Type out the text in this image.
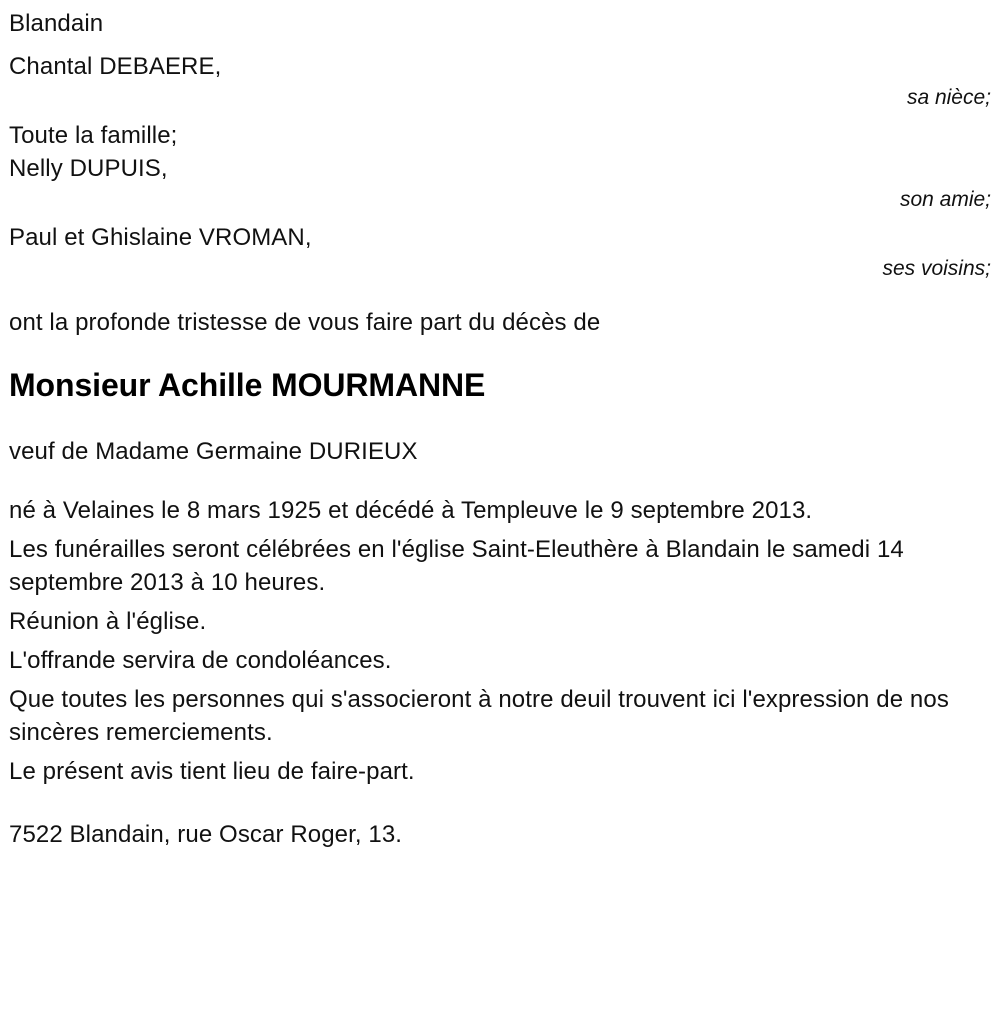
Blandain
Chantal DEBAERE,
sa nièce;
Toute la famille;
Nelly DUPUIS,
son amie;
Paul et Ghislaine VROMAN,
ses voisins;
ont la profonde tristesse de vous faire part du décès de
Monsieur Achille MOURMANNE
veuf de Madame Germaine DURIEUX
né à Velaines le 8 mars 1925 et décédé à Templeuve le 9 septembre 2013.
Les funérailles seront célébrées en l'église Saint-Eleuthère à Blandain le samedi 14 septembre 2013 à 10 heures.
Réunion à l'église.
L'offrande servira de condoléances.
Que toutes les personnes qui s'associeront à notre deuil trouvent ici l'expression de nos sincères remerciements.
Le présent avis tient lieu de faire-part.
7522 Blandain, rue Oscar Roger, 13.
